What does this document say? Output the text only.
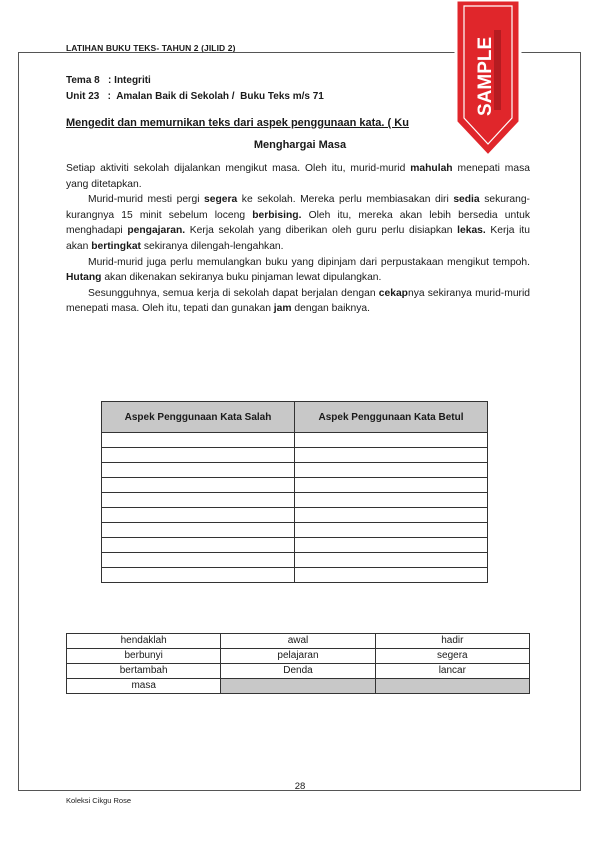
LATIHAN BUKU TEKS- TAHUN 2 (JILID 2)
Tema 8   : Integriti
Unit 23   :  Amalan Baik di Sekolah /  Buku Teks m/s 71
Mengedit dan memurnikan teks dari aspek penggunaan kata. ( Ku
Menghargai Masa

Setiap aktiviti sekolah dijalankan mengikut masa. Oleh itu, murid-murid mahulah menepati masa yang ditetapkan.

Murid-murid mesti pergi segera ke sekolah. Mereka perlu membiasakan diri sedia sekurang-kurangnya 15 minit sebelum loceng berbising. Oleh itu, mereka akan lebih bersedia untuk menghadapi pengajaran. Kerja sekolah yang diberikan oleh guru perlu disiapkan lekas. Kerja itu akan bertingkat sekiranya dilengah-lengahkan.

Murid-murid juga perlu memulangkan buku yang dipinjam dari perpustakaan mengikut tempoh. Hutang akan dikenakan sekiranya buku pinjaman lewat dipulangkan.

Sesungguhnya, semua kerja di sekolah dapat berjalan dengan cekapnya sekiranya murid-murid menepati masa. Oleh itu, tepati dan gunakan jam dengan baiknya.

Aspek Penggunaan Kata Salah	Aspek Penggunaan Kata Betul

hendaklah	awal	hadir
berbunyi	pelajaran	segera
bertambah	Denda	lancar
masa		
28
Koleksi Cikgu Rose
SAMPLE
